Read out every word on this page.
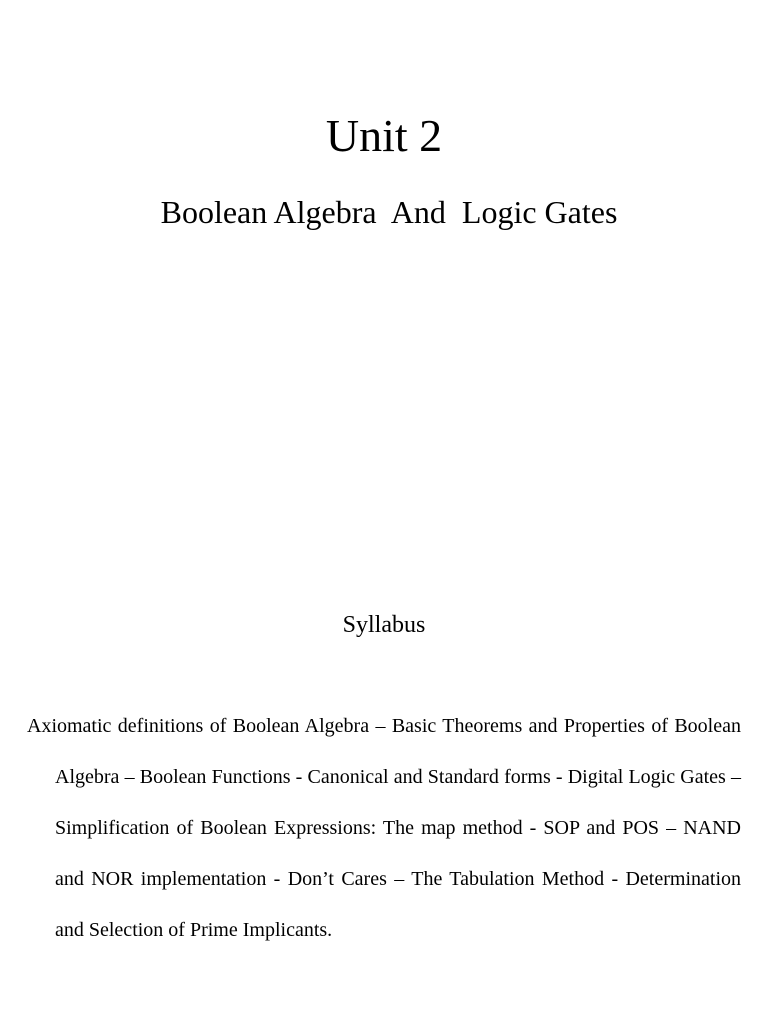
Unit 2
Boolean Algebra  And  Logic Gates
Syllabus

Axiomatic definitions of Boolean Algebra – Basic Theorems and Properties of Boolean Algebra – Boolean Functions - Canonical and Standard forms - Digital Logic Gates – Simplification of Boolean Expressions: The map method - SOP and POS – NAND and NOR implementation - Don’t Cares – The Tabulation Method - Determination and Selection of Prime Implicants.
